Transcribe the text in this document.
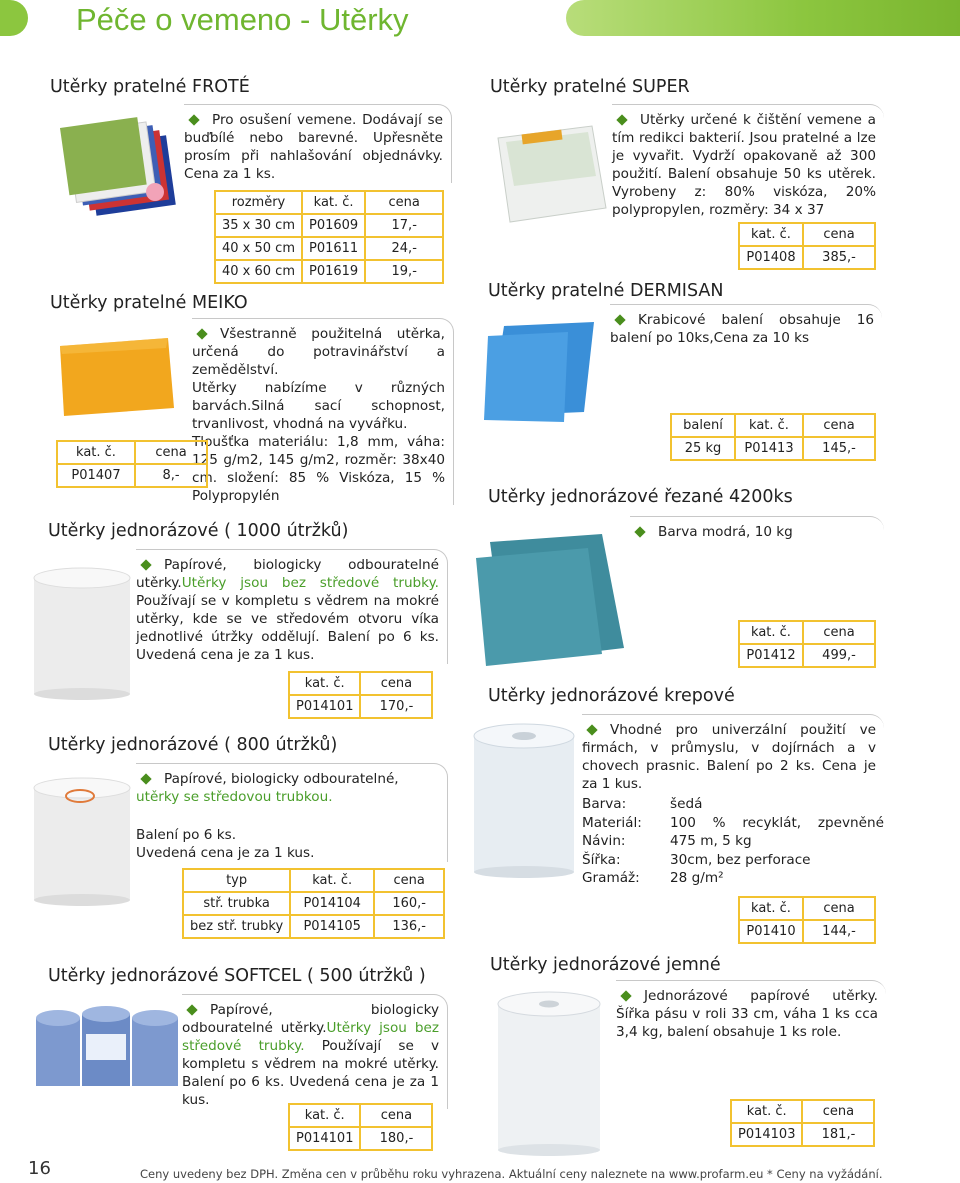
Péče o vemeno - Utěrky
Utěrky pratelné FROTÉ
Pro osušení vemene. Dodávají se buďbílé nebo barevné. Upřesněte prosím při nahlašování objednávky. Cena za 1 ks.
rozměry	kat. č.	cena
35 x 30 cm	P01609	17,-
40 x 50 cm	P01611	24,-
40 x 60 cm	P01619	19,-
Utěrky pratelné MEIKO
Všestranně použitelná utěrka, určená do potravinářství a zemědělství.
Utěrky nabízíme v různých barvách.Silná sací schopnost, trvanlivost, vhodná na vyvářku.
Tloušťka materiálu: 1,8 mm, váha: 125 g/m2, 145 g/m2, rozměr: 38x40 cm. složení: 85 % Viskóza, 15 % Polypropylén
kat. č.	cena
P01407	8,-
Utěrky jednorázové ( 1000 útržků)
Papírové, biologicky odbouratelné utěrky.Utěrky jsou bez středové trubky. Používají se v kompletu s vědrem na mokré utěrky, kde se ve středovém otvoru víka jednotlivé útržky oddělují. Balení po 6 ks. Uvedená cena je za 1 kus.
kat. č.	cena
P014101	170,-
Utěrky jednorázové ( 800 útržků)
Papírové, biologicky odbouratelné,
utěrky se středovou trubkou.
Balení po 6 ks.
Uvedená cena je za 1 kus.
typ	kat. č.	cena
stř. trubka	P014104	160,-
bez stř. trubky	P014105	136,-
Utěrky jednorázové SOFTCEL ( 500 útržků )
Papírové, biologicky odbouratelné utěrky.Utěrky jsou bez středové trubky. Používají se v kompletu s vědrem na mokré utěrky. Balení po 6 ks. Uvedená cena je za 1 kus.
kat. č.	cena
P014101	180,-
Utěrky pratelné SUPER
Utěrky určené k čištění vemene a tím redikci bakterií. Jsou pratelné a lze je vyvařit. Vydrží opakovaně až 300 použití. Balení obsahuje 50 ks utěrek. Vyrobeny z: 80% viskóza, 20% polypropylen, rozměry: 34 x 37
kat. č.	cena
P01408	385,-
Utěrky pratelné DERMISAN
Krabicové balení obsahuje 16 balení po 10ks,Cena za 10 ks
balení	kat. č.	cena
25 kg	P01413	145,-
Utěrky jednorázové řezané 4200ks
Barva modrá, 10 kg
kat. č.	cena
P01412	499,-
Utěrky jednorázové krepové
Vhodné pro univerzální použití ve firmách, v průmyslu, v dojírnách a v chovech prasnic. Balení po 2 ks. Cena je za 1 kus.
Barva:	šedá
Materiál:	100 % recyklát, zpevněné
Návin:	475 m, 5 kg
Šířka:	30cm, bez perforace
Gramáž:	28 g/m²
kat. č.	cena
P01410	144,-
Utěrky jednorázové jemné
Jednorázové papírové utěrky. Šířka pásu v roli 33 cm, váha 1 ks cca 3,4 kg, balení obsahuje 1 ks role.
kat. č.	cena
P014103	181,-
16	Ceny uvedeny bez DPH. Změna cen v průběhu roku vyhrazena. Aktuální ceny naleznete na www.profarm.eu * Ceny na vyžádání.
